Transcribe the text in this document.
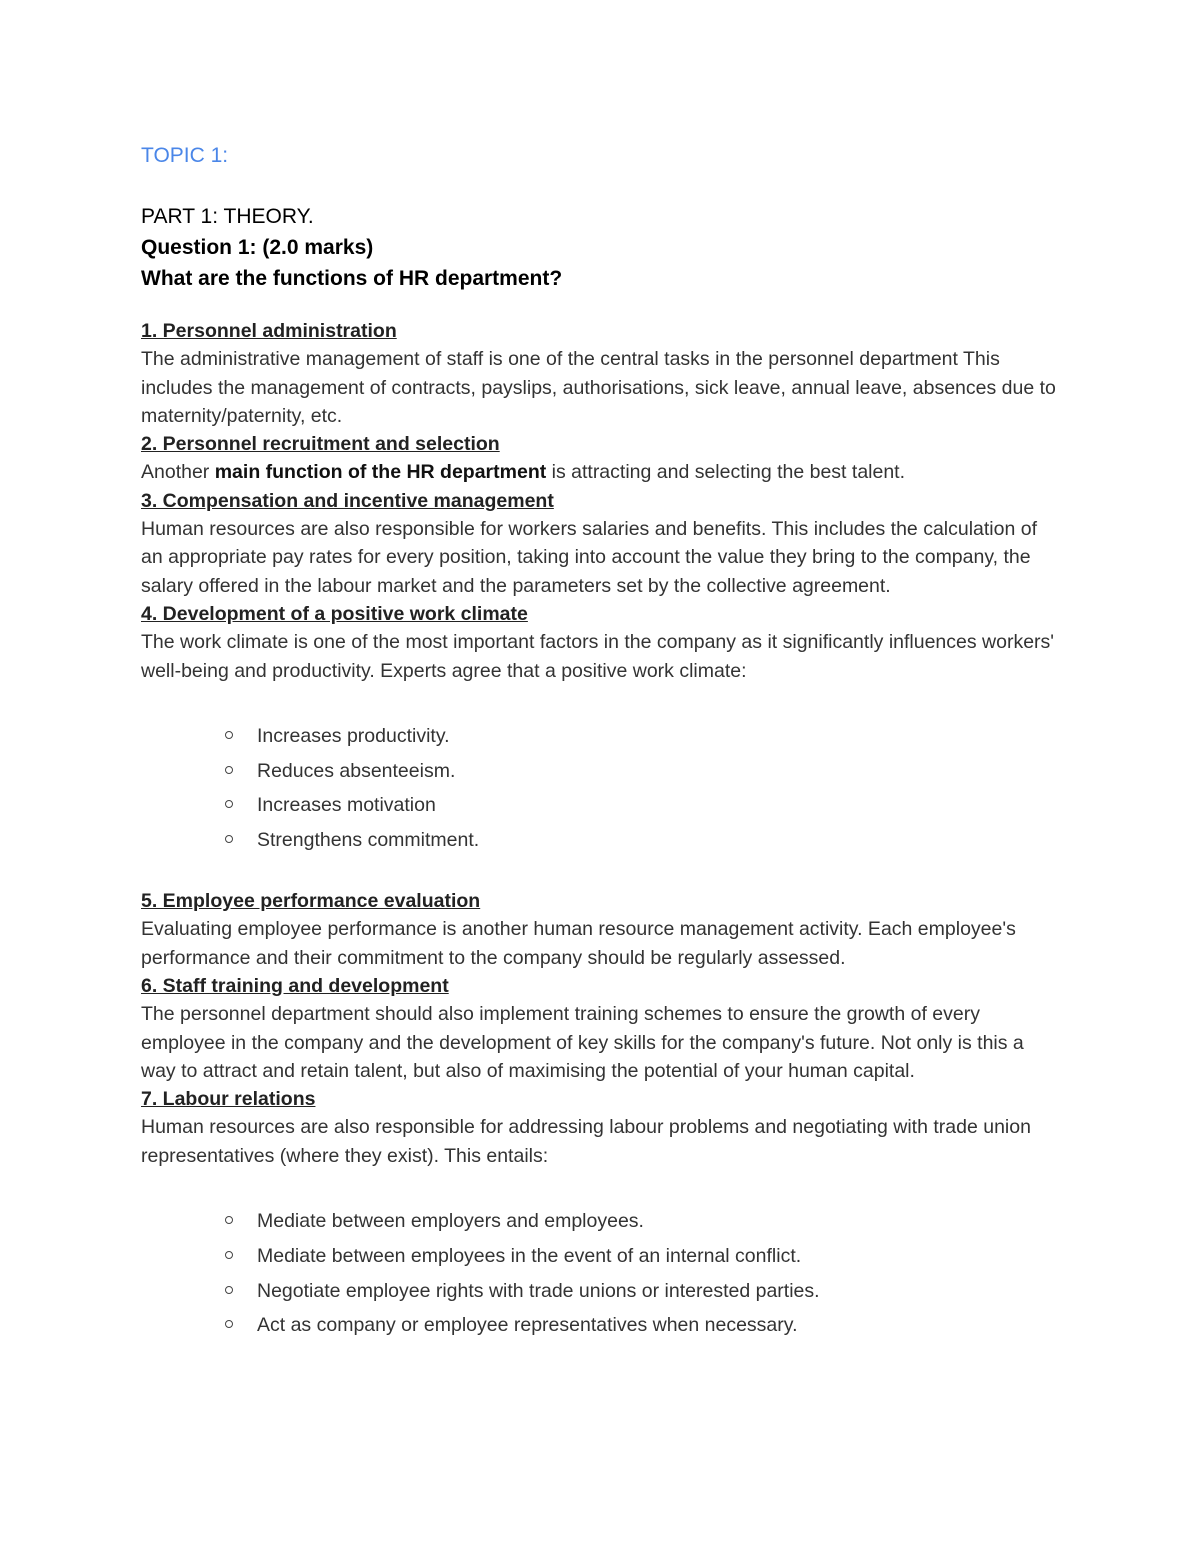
TOPIC 1:

PART 1: THEORY.

Question 1: (2.0 marks)

What are the functions of HR department?

1. Personnel administration

The administrative management of staff is one of the central tasks in the personnel department This includes the management of contracts, payslips, authorisations, sick leave, annual leave, absences due to maternity/paternity, etc.

2. Personnel recruitment and selection

Another main function of the HR department is attracting and selecting the best talent.

3. Compensation and incentive management

Human resources are also responsible for workers salaries and benefits. This includes the calculation of an appropriate pay rates for every position, taking into account the value they bring to the company, the salary offered in the labour market and the parameters set by the collective agreement.

4. Development of a positive work climate

The work climate is one of the most important factors in the company as it significantly influences workers' well-being and productivity. Experts agree that a positive work climate:

Increases productivity.
Reduces absenteeism.
Increases motivation
Strengthens commitment.

5. Employee performance evaluation

Evaluating employee performance is another human resource management activity. Each employee's performance and their commitment to the company should be regularly assessed.

6. Staff training and development

The personnel department should also implement training schemes to ensure the growth of every employee in the company and the development of key skills for the company's future. Not only is this a way to attract and retain talent, but also of maximising the potential of your human capital.

7. Labour relations

Human resources are also responsible for addressing labour problems and negotiating with trade union representatives (where they exist). This entails:

Mediate between employers and employees.
Mediate between employees in the event of an internal conflict.
Negotiate employee rights with trade unions or interested parties.
Act as company or employee representatives when necessary.
